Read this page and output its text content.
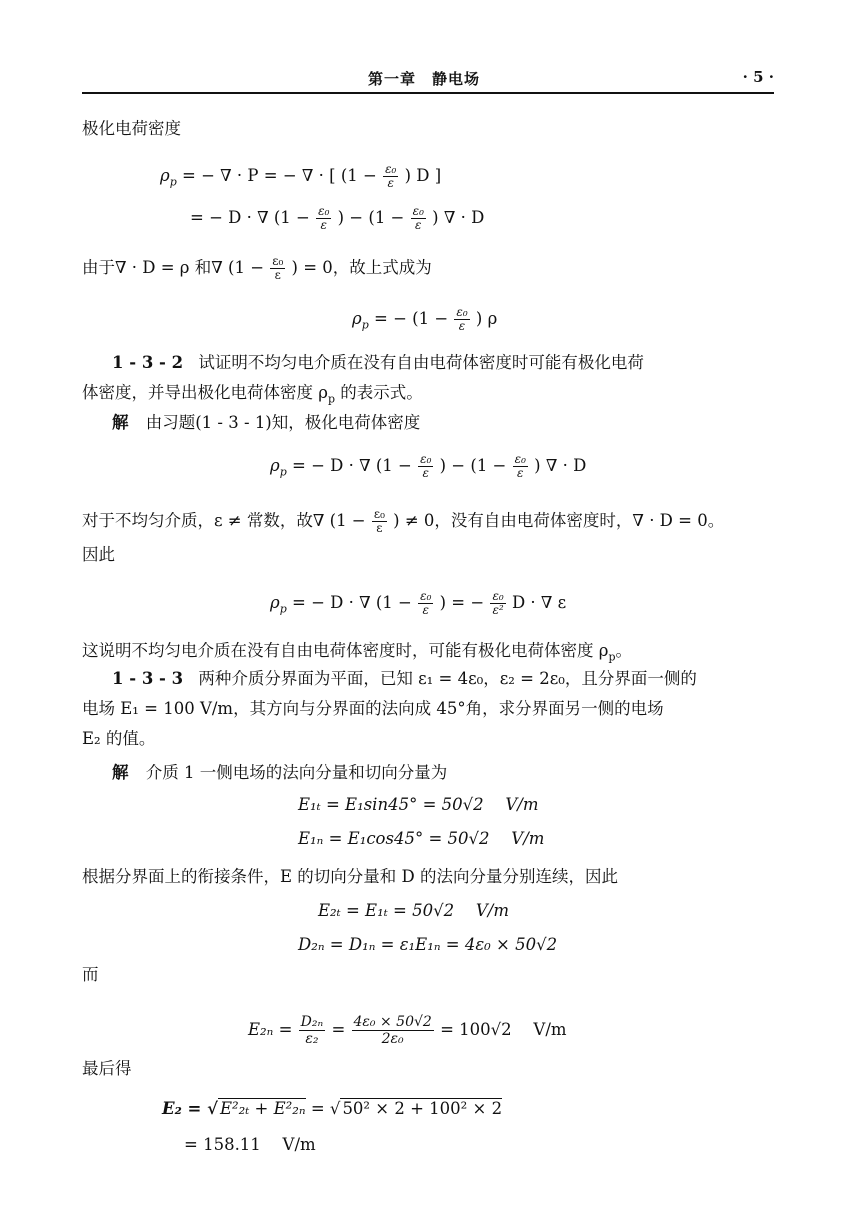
第一章　静电场	· 5 ·
极化电荷密度
$\rho_p$ = − ∇ · P = − ∇ · [ ($1 - \frac{\text{ε₀}}{\varepsilon}$ ) D ]
= − D · ∇ ($1 - \frac{\text{ε₀}}{\varepsilon}$ ) − ($1 - \frac{\text{ε₀}}{\varepsilon}$ ) ∇ · D
由于∇ · D = ρ 和∇ ($1 - \frac{\text{ε₀}}{\varepsilon}$ ) = 0，故上式成为
$\rho_p$ = − ($1 - \frac{\text{ε₀}}{\varepsilon}$ ) ρ
1 - 3 - 2 试证明不均匀电介质在没有自由电荷体密度时可能有极化电荷
体密度，并导出极化电荷体密度 $\rho_p$ 的表示式。
解 由习题(1 - 3 - 1)知，极化电荷体密度
$\rho_p$ = − D · ∇ ($1 - \frac{\text{ε₀}}{\varepsilon}$ ) − ($1 - \frac{\text{ε₀}}{\varepsilon}$ ) ∇ · D
对于不均匀介质，ε ≠ 常数，故∇ ($1 - \frac{\text{ε₀}}{\varepsilon}$ ) ≠ 0，没有自由电荷体密度时，∇ · D = 0。
因此
$\rho_p$ = − D · ∇ ($1 - \frac{\text{ε₀}}{\varepsilon}$ ) = − $\frac{\text{ε₀}}{\text{ε²}}$ D · ∇ ε
这说明不均匀电介质在没有自由电荷体密度时，可能有极化电荷体密度 $\rho_p$。
1 - 3 - 3 两种介质分界面为平面，已知 ε₁ = 4ε₀，ε₂ = 2ε₀，且分界面一侧的
电场 E₁ = 100 V/m，其方向与分界面的法向成 45°角，求分界面另一侧的电场
E₂ 的值。
解 介质 1 一侧电场的法向分量和切向分量为
E₁ₜ = E₁sin45° = 50√2　 V/m
E₁ₙ = E₁cos45° = 50√2　 V/m
根据分界面上的衔接条件，E 的切向分量和 D 的法向分量分别连续，因此
E₂ₜ = E₁ₜ = 50√2　 V/m
D₂ₙ = D₁ₙ = ε₁E₁ₙ = 4ε₀ × 50√2
而
$E_{2n} = \frac{\text{D₂ₙ}}{\text{ε₂}} = \frac{\text{4ε₀ × 50√2}}{\text{2ε₀}} = 100√2$　 V/m
最后得
E₂ = √ E²₂ₜ + E²₂ₙ = √ 50² × 2 + 100² × 2
= 158.11　 V/m
